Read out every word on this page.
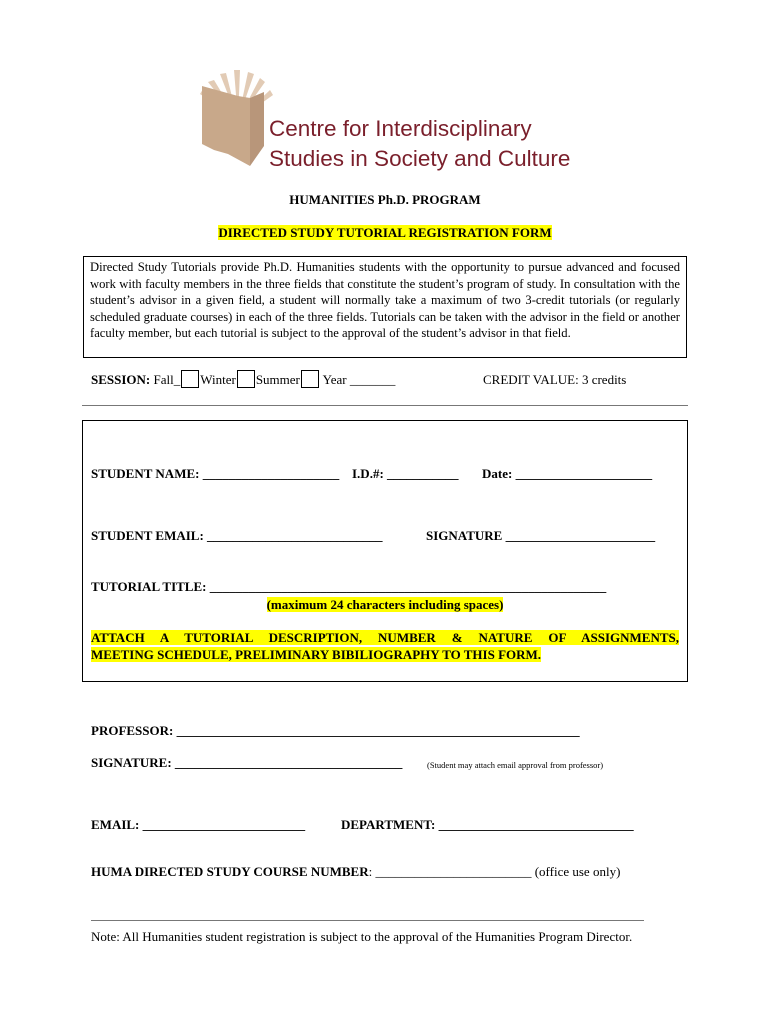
Centre for Interdisciplinary
Studies in Society and Culture
HUMANITIES Ph.D. PROGRAM
DIRECTED STUDY TUTORIAL REGISTRATION FORM
Directed Study Tutorials provide Ph.D. Humanities students with the opportunity to pursue advanced and focused work with faculty members in the three fields that constitute the student’s program of study. In consultation with the student’s advisor in a given field, a student will normally take a maximum of two 3-credit tutorials (or regularly scheduled graduate courses) in each of the three fields. Tutorials can be taken with the advisor in the field or another faculty member, but each tutorial is subject to the approval of the student’s advisor in that field.
SESSION: Fall_ Winter Summer Year _______	CREDIT VALUE: 3 credits
STUDENT NAME: _____________________ I.D.#: ___________ Date: _____________________
STUDENT EMAIL: ___________________________	SIGNATURE _______________________
TUTORIAL TITLE: _____________________________________________________________
(maximum 24 characters including spaces)
ATTACH A TUTORIAL DESCRIPTION, NUMBER & NATURE OF ASSIGNMENTS,
MEETING SCHEDULE, PRELIMINARY BIBILIOGRAPHY TO THIS FORM.
PROFESSOR: ______________________________________________________________
SIGNATURE: ___________________________________	(Student may attach email approval from professor)
EMAIL: _________________________	DEPARTMENT: ______________________________
HUMA DIRECTED STUDY COURSE NUMBER: ________________________ (office use only)
Note: All Humanities student registration is subject to the approval of the Humanities Program Director.
